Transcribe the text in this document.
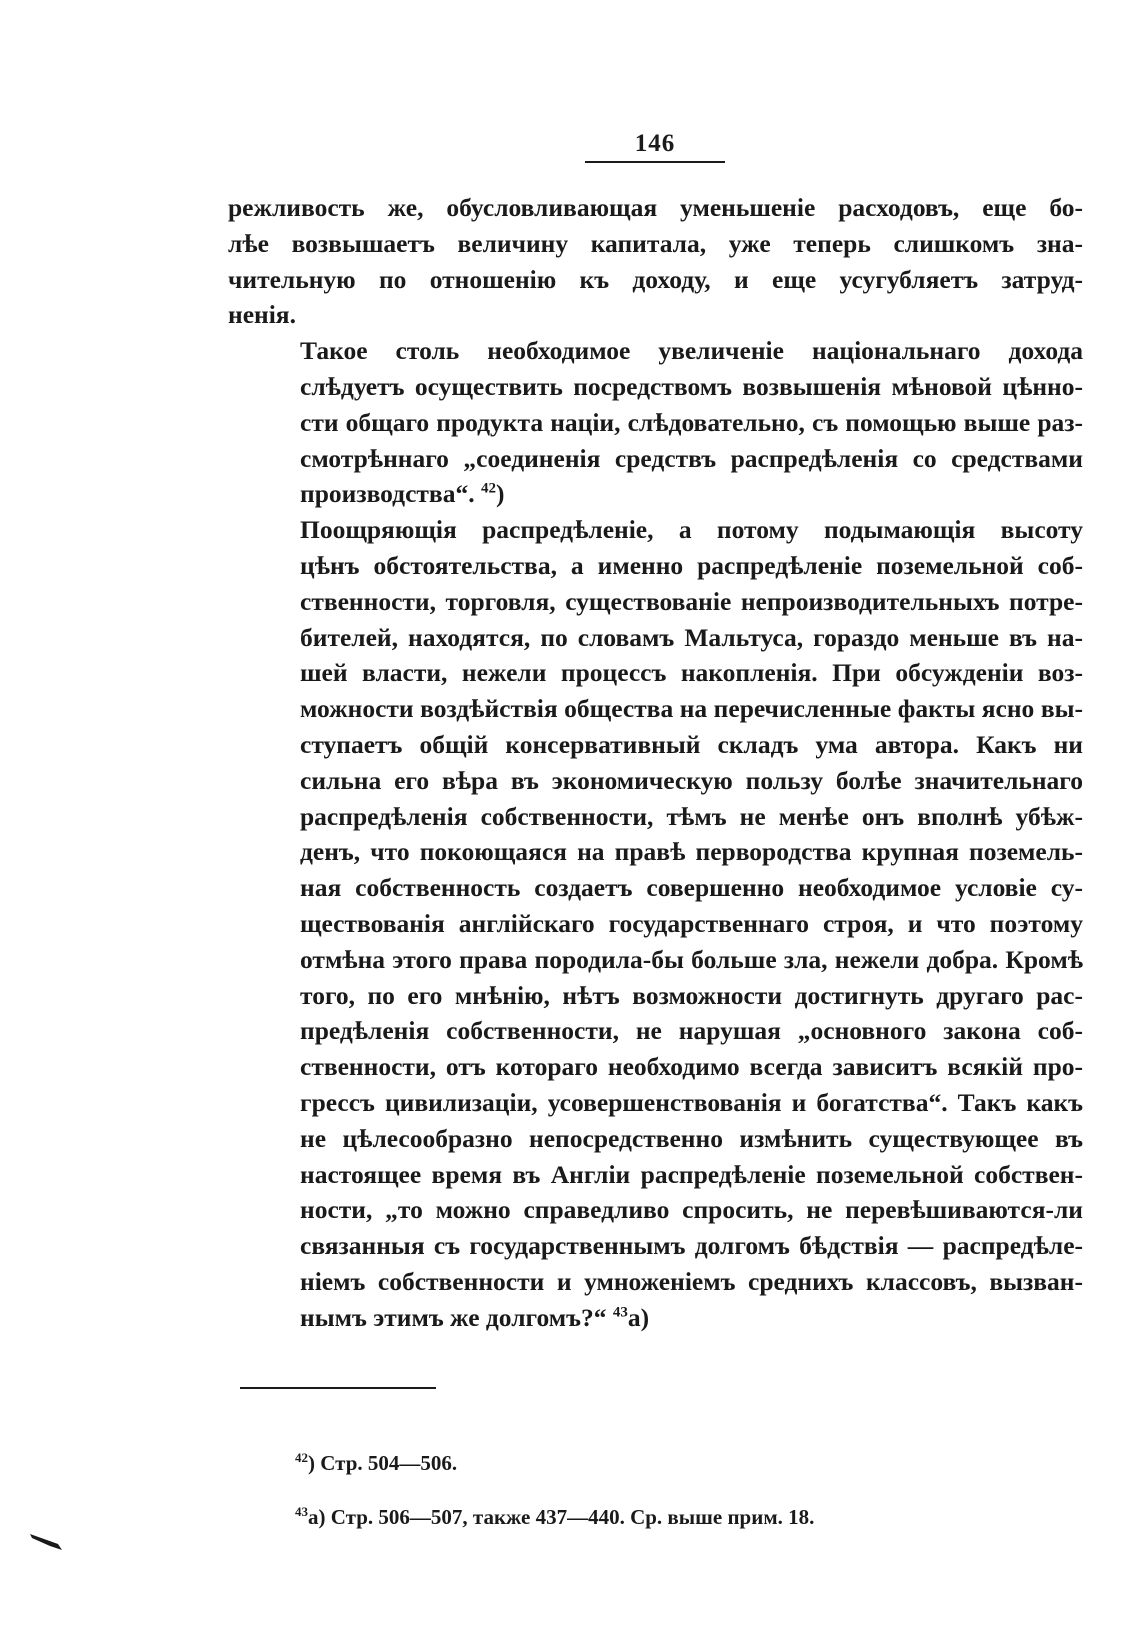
146

режливость же, обусловливающая уменьшеніе расходовъ, еще бо-
лѣе возвышаетъ величину капитала, уже теперь слишкомъ зна-
чительную по отношенію къ доходу, и еще усугубляетъ затруд-
ненія.

Такое столь необходимое увеличеніе національнаго дохода
слѣдуетъ осуществить посредствомъ возвышенія мѣновой цѣнно-
сти общаго продукта націи, слѣдовательно, съ помощью выше раз-
смотрѣннаго „соединенія средствъ распредѣленія со средствами
производства“. $^{42}$)

Поощряющія распредѣленіе, а потому подымающія высоту
цѣнъ обстоятельства, а именно распредѣленіе поземельной соб-
ственности, торговля, существованіе непроизводительныхъ потре-
бителей, находятся, по словамъ Мальтуса, гораздо меньше въ на-
шей власти, нежели процессъ накопленія. При обсужденіи воз-
можности воздѣйствія общества на перечисленные факты ясно вы-
ступаетъ общій консервативный складъ ума автора. Какъ ни
сильна его вѣра въ экономическую пользу болѣе значительнаго
распредѣленія собственности, тѣмъ не менѣе онъ вполнѣ убѣж-
денъ, что покоющаяся на правѣ первородства крупная поземель-
ная собственность создаетъ совершенно необходимое условіе су-
ществованія англійскаго государственнаго строя, и что поэтому
отмѣна этого права породила-бы больше зла, нежели добра. Кромѣ
того, по его мнѣнію, нѣтъ возможности достигнуть другаго рас-
предѣленія собственности, не нарушая „основного закона соб-
ственности, отъ котораго необходимо всегда зависитъ всякій про-
грессъ цивилизаціи, усовершенствованія и богатства“. Такъ какъ
не цѣлесообразно непосредственно измѣнить существующее въ
настоящее время въ Англіи распредѣленіе поземельной собствен-
ности, „то можно справедливо спросить, не перевѣшиваются-ли
связанныя съ государственнымъ долгомъ бѣдствія — распредѣле-
ніемъ собственности и умноженіемъ среднихъ классовъ, вызван-
нымъ этимъ же долгомъ?“ $^{43}$а)

$^{42}$) Стр. 504—506.
$^{43}$а) Стр. 506—507, также 437—440. Ср. выше прим. 18.
